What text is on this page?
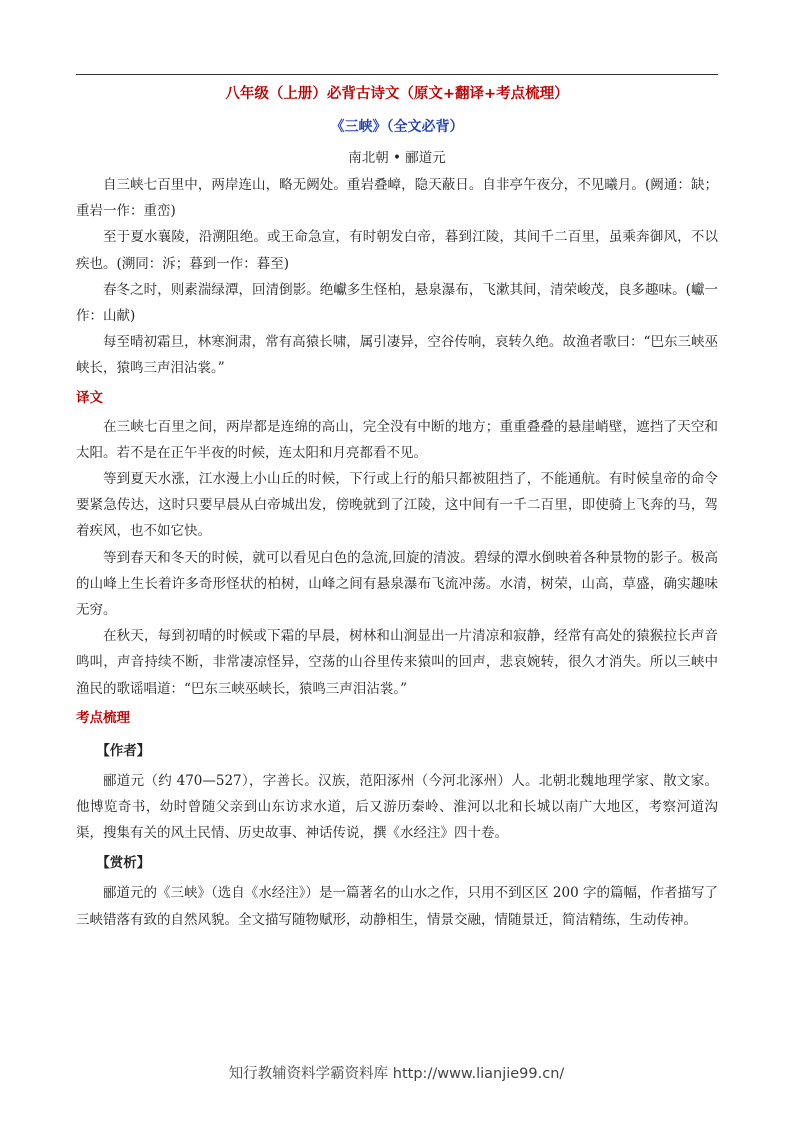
八年级（上册）必背古诗文（原文+翻译+考点梳理）
《三峡》（全文必背）
南北朝 • 郦道元

自三峡七百里中，两岸连山，略无阙处。重岩叠嶂，隐天蔽日。自非亭午夜分，不见曦月。(阙通：缺；重岩一作：重峦)

至于夏水襄陵，沿溯阻绝。或王命急宣，有时朝发白帝，暮到江陵，其间千二百里，虽乘奔御风，不以疾也。(溯同：泝；暮到一作：暮至)

春冬之时，则素湍绿潭，回清倒影。绝巘多生怪柏，悬泉瀑布，飞漱其间，清荣峻茂，良多趣味。(巘一作：山献)

每至晴初霜旦，林寒涧肃，常有高猿长啸，属引凄异，空谷传响，哀转久绝。故渔者歌曰：“巴东三峡巫峡长，猿鸣三声泪沾裳。”

译文

在三峡七百里之间，两岸都是连绵的高山，完全没有中断的地方；重重叠叠的悬崖峭壁，遮挡了天空和太阳。若不是在正午半夜的时候，连太阳和月亮都看不见。

等到夏天水涨，江水漫上小山丘的时候，下行或上行的船只都被阻挡了，不能通航。有时候皇帝的命令要紧急传达，这时只要早晨从白帝城出发，傍晚就到了江陵，这中间有一千二百里，即使骑上飞奔的马，驾着疾风，也不如它快。

等到春天和冬天的时候，就可以看见白色的急流,回旋的清波。碧绿的潭水倒映着各种景物的影子。极高的山峰上生长着许多奇形怪状的柏树，山峰之间有悬泉瀑布飞流冲荡。水清，树荣，山高，草盛，确实趣味无穷。

在秋天，每到初晴的时候或下霜的早晨，树林和山涧显出一片清凉和寂静，经常有高处的猿猴拉长声音鸣叫，声音持续不断，非常凄凉怪异，空荡的山谷里传来猿叫的回声，悲哀婉转，很久才消失。所以三峡中渔民的歌谣唱道：“巴东三峡巫峡长，猿鸣三声泪沾裳。”

考点梳理
【作者】

郦道元（约 470—527），字善长。汉族，范阳涿州（今河北涿州）人。北朝北魏地理学家、散文家。他博览奇书，幼时曾随父亲到山东访求水道，后又游历秦岭、淮河以北和长城以南广大地区，考察河道沟渠，搜集有关的风土民情、历史故事、神话传说，撰《水经注》四十卷。

【赏析】

郦道元的《三峡》（选自《水经注》）是一篇著名的山水之作，只用不到区区 200 字的篇幅，作者描写了三峡错落有致的自然风貌。全文描写随物赋形，动静相生，情景交融，情随景迁，简洁精练，生动传神。

知行教辅资料学霸资料库 http://www.lianjie99.cn/
